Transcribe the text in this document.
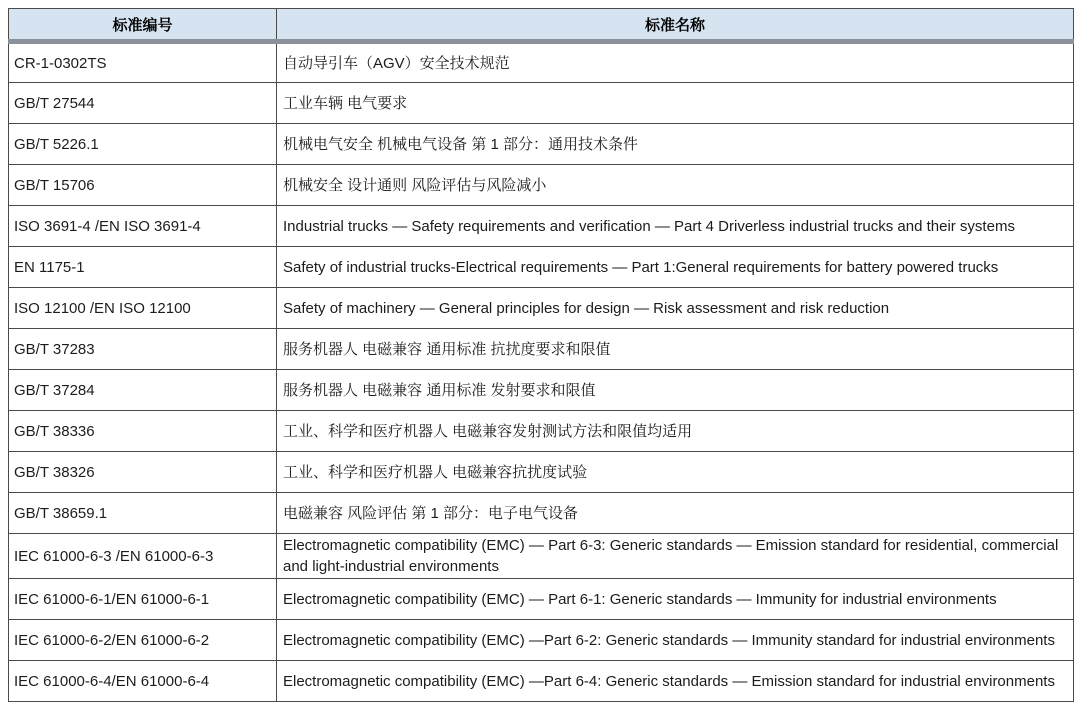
标准编号	标准名称
CR-1-0302TS	自动导引车（AGV）安全技术规范
GB/T 27544	工业车辆 电气要求
GB/T 5226.1	机械电气安全 机械电气设备 第 1 部分：通用技术条件
GB/T 15706	机械安全 设计通则 风险评估与风险减小
ISO 3691-4 /EN ISO 3691-4	Industrial trucks — Safety requirements and verification — Part 4 Driverless industrial trucks and their systems
EN 1175-1	Safety of industrial trucks-Electrical requirements — Part 1:General requirements for battery powered trucks
ISO 12100 /EN ISO 12100	Safety of machinery — General principles for design — Risk assessment and risk reduction
GB/T 37283	服务机器人 电磁兼容 通用标准 抗扰度要求和限值
GB/T 37284	服务机器人 电磁兼容 通用标准 发射要求和限值
GB/T 38336	工业、科学和医疗机器人 电磁兼容发射测试方法和限值均适用
GB/T 38326	工业、科学和医疗机器人 电磁兼容抗扰度试验
GB/T 38659.1	电磁兼容 风险评估 第 1 部分：电子电气设备
IEC 61000-6-3 /EN 61000-6-3	Electromagnetic compatibility (EMC) — Part 6-3: Generic standards — Emission standard for residential, commercial and light-industrial environments
IEC 61000-6-1/EN 61000-6-1	Electromagnetic compatibility (EMC) — Part 6-1: Generic standards — Immunity for industrial environments
IEC 61000-6-2/EN 61000-6-2	Electromagnetic compatibility (EMC) —Part 6-2: Generic standards — Immunity standard for industrial environments
IEC 61000-6-4/EN 61000-6-4	Electromagnetic compatibility (EMC) —Part 6-4: Generic standards — Emission standard for industrial environments
